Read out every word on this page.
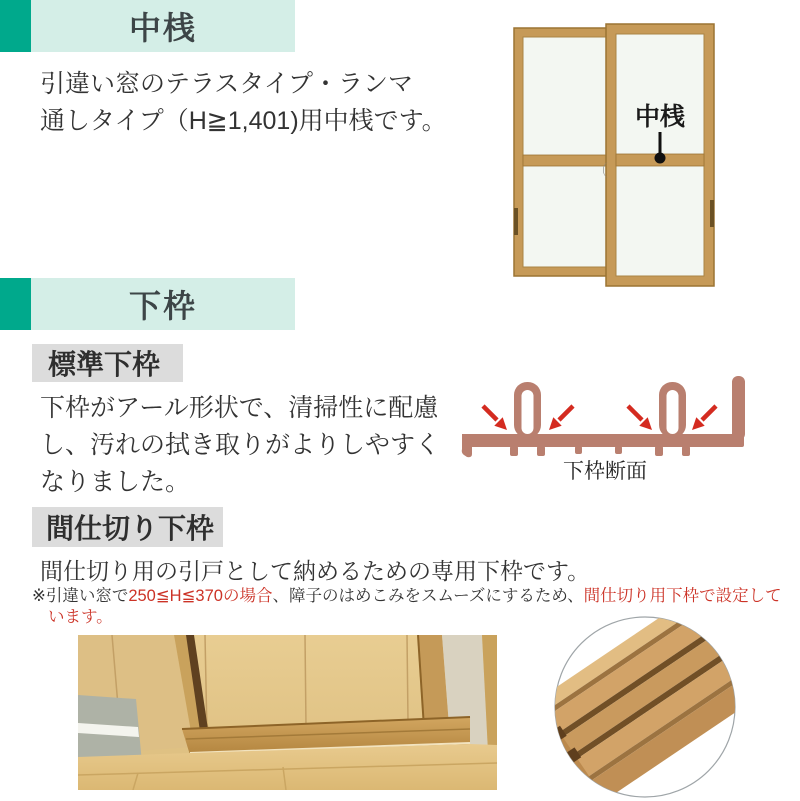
中桟
引違い窓のテラスタイプ・ランマ
通しタイプ（H≧1,401)用中桟です。	中桟
下枠
標準下枠
下枠がアール形状で、清掃性に配慮
し、汚れの拭き取りがよりしやすく
なりました。	下枠断面
間仕切り下枠
間仕切り用の引戸として納めるための専用下枠です。
※引違い窓で250≦H≦370の場合、障子のはめこみをスムーズにするため、間仕切り用下枠で設定して
います。
